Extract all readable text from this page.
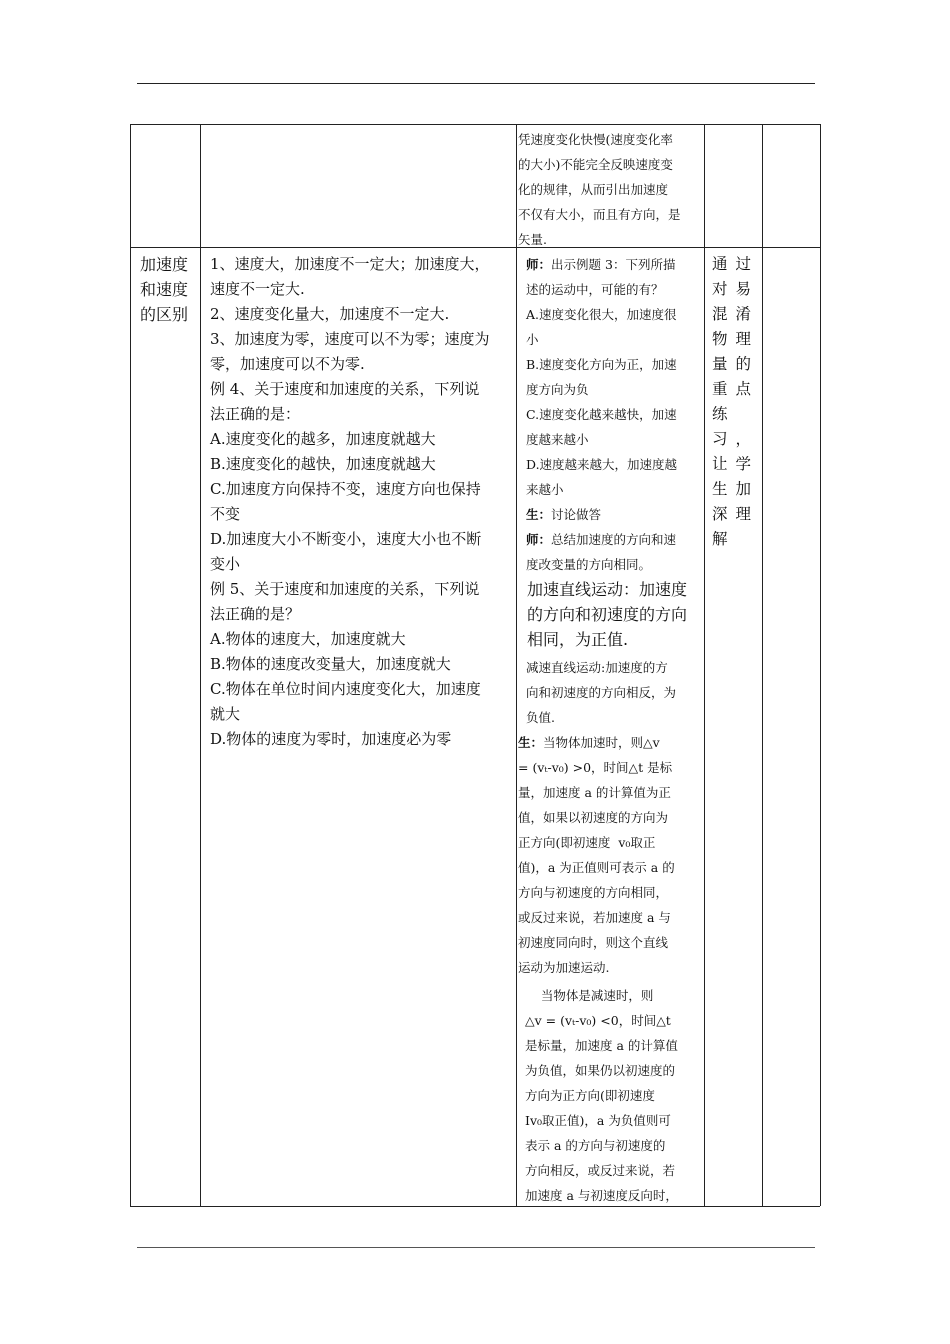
凭速度变化快慢(速度变化率

的大小)不能完全反映速度变

化的规律，从而引出加速度

不仅有大小，而且有方向，是

矢量.

加速度

和速度

的区别

1、速度大，加速度不一定大；加速度大，

速度不一定大.

2、速度变化量大，加速度不一定大.

3、加速度为零，速度可以不为零；速度为

零，加速度可以不为零.

例 4、关于速度和加速度的关系，下列说

法正确的是：

A.速度变化的越多，加速度就越大

B.速度变化的越快，加速度就越大

C.加速度方向保持不变，速度方向也保持

不变

D.加速度大小不断变小，速度大小也不断

变小

例 5、关于速度和加速度的关系，下列说

法正确的是？

A.物体的速度大，加速度就大

B.物体的速度改变量大，加速度就大

C.物体在单位时间内速度变化大，加速度

就大

D.物体的速度为零时，加速度必为零

师：出示例题 3：下列所描

述的运动中，可能的有？

A.速度变化很大，加速度很

小

B.速度变化方向为正，加速

度方向为负

C.速度变化越来越快，加速

度越来越小

D.速度越来越大，加速度越

来越小

生：讨论做答

师：总结加速度的方向和速

度改变量的方向相同。

加速直线运动：加速度

的方向和初速度的方向

相同，为正值.

减速直线运动:加速度的方

向和初速度的方向相反，为

负值.

生：当物体加速时，则△v

= (vₜ-v₀) >0，时间△t 是标

量，加速度 a 的计算值为正

值，如果以初速度的方向为

正方向(即初速度  v₀取正

值)，a 为正值则可表示 a 的

方向与初速度的方向相同，

或反过来说，若加速度 a 与

初速度同向时，则这个直线

运动为加速运动.

当物体是减速时，则

△v = (vₜ-v₀) <0，时间△t

是标量，加速度 a 的计算值

为负值，如果仍以初速度的

方向为正方向(即初速度

Iv₀取正值)，a 为负值则可

表示 a 的方向与初速度的

方向相反，或反过来说，若

加速度 a 与初速度反向时，

通过

对易

混淆

物理

量的

重点

练

习，

让学

生加

深理

解
